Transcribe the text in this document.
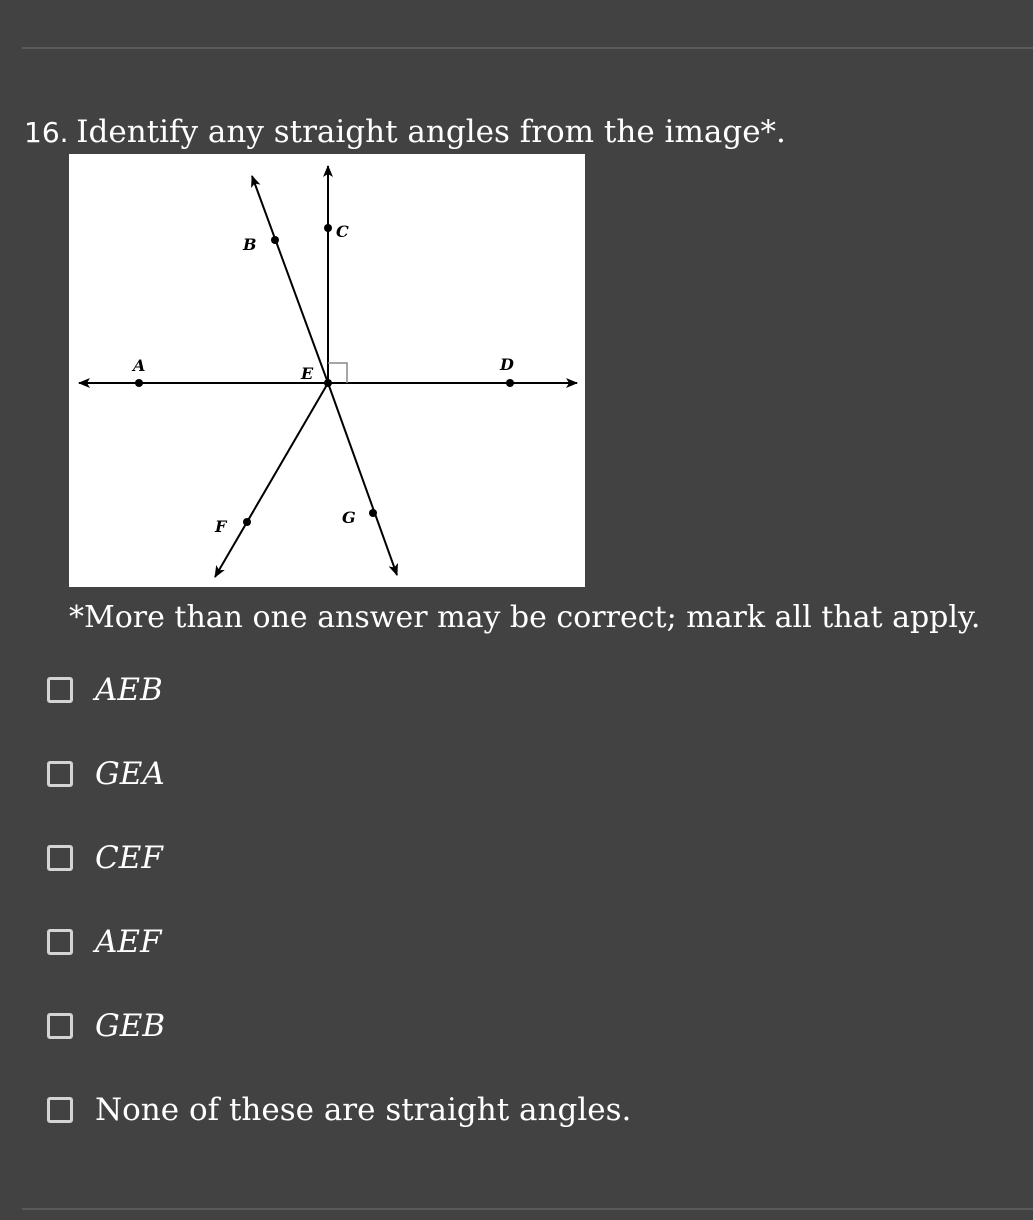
16. Identify any straight angles from the image*.
A
B
C
D
E
F	G
*More than one answer may be correct; mark all that apply.
AEB
GEA
CEF
AEF
GEB
None of these are straight angles.
